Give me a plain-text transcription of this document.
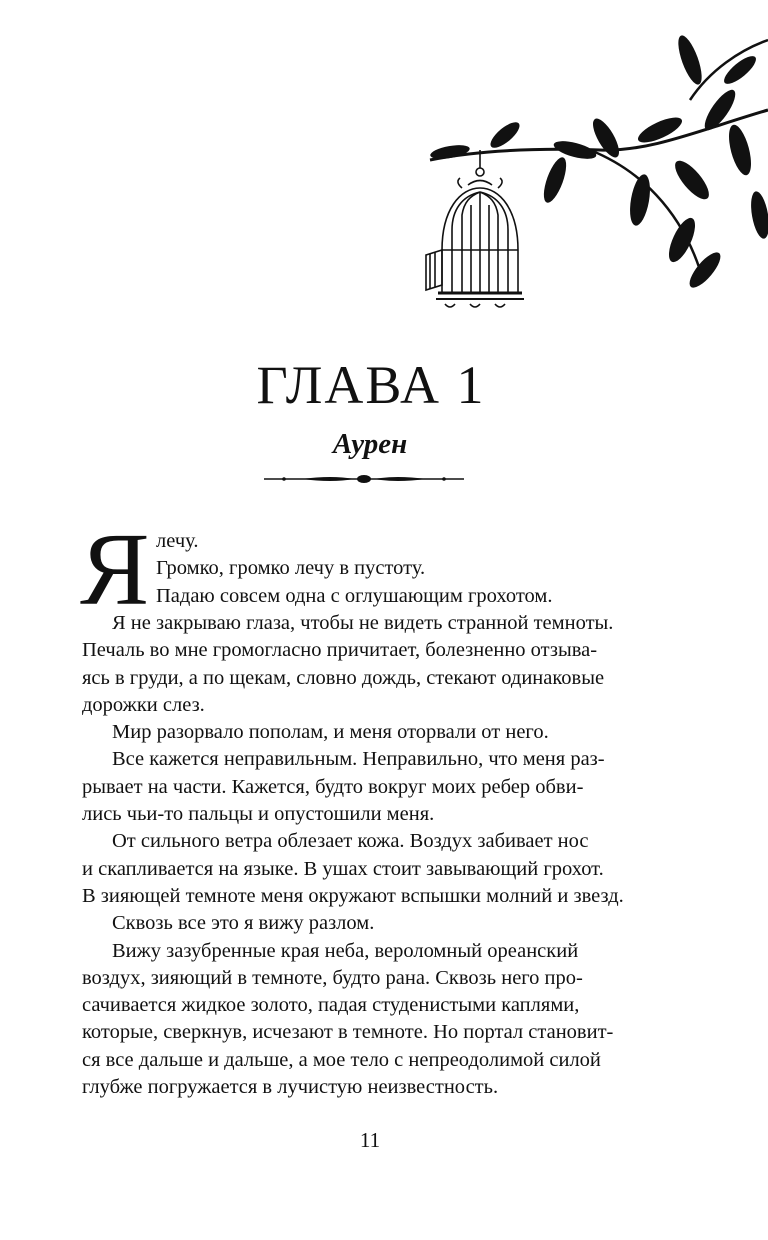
ГЛАВА 1
Аурен
Я лечу.
Громко, громко лечу в пустоту.
Падаю совсем одна с оглушающим грохотом.

Я не закрываю глаза, чтобы не видеть странной темноты.

Печаль во мне громогласно причитает, болезненно отзыва-

ясь в груди, а по щекам, словно дождь, стекают одинаковые

дорожки слез.

Мир разорвало пополам, и меня оторвали от него.

Все кажется неправильным. Неправильно, что меня раз-

рывает на части. Кажется, будто вокруг моих ребер обви-

лись чьи-то пальцы и опустошили меня.

От сильного ветра облезает кожа. Воздух забивает нос

и скапливается на языке. В ушах стоит завывающий грохот.

В зияющей темноте меня окружают вспышки молний и звезд.

Сквозь все это я вижу разлом.

Вижу зазубренные края неба, вероломный ореанский

воздух, зияющий в темноте, будто рана. Сквозь него про-

сачивается жидкое золото, падая студенистыми каплями,

которые, сверкнув, исчезают в темноте. Но портал становит-

ся все дальше и дальше, а мое тело с непреодолимой силой

глубже погружается в лучистую неизвестность.

11
